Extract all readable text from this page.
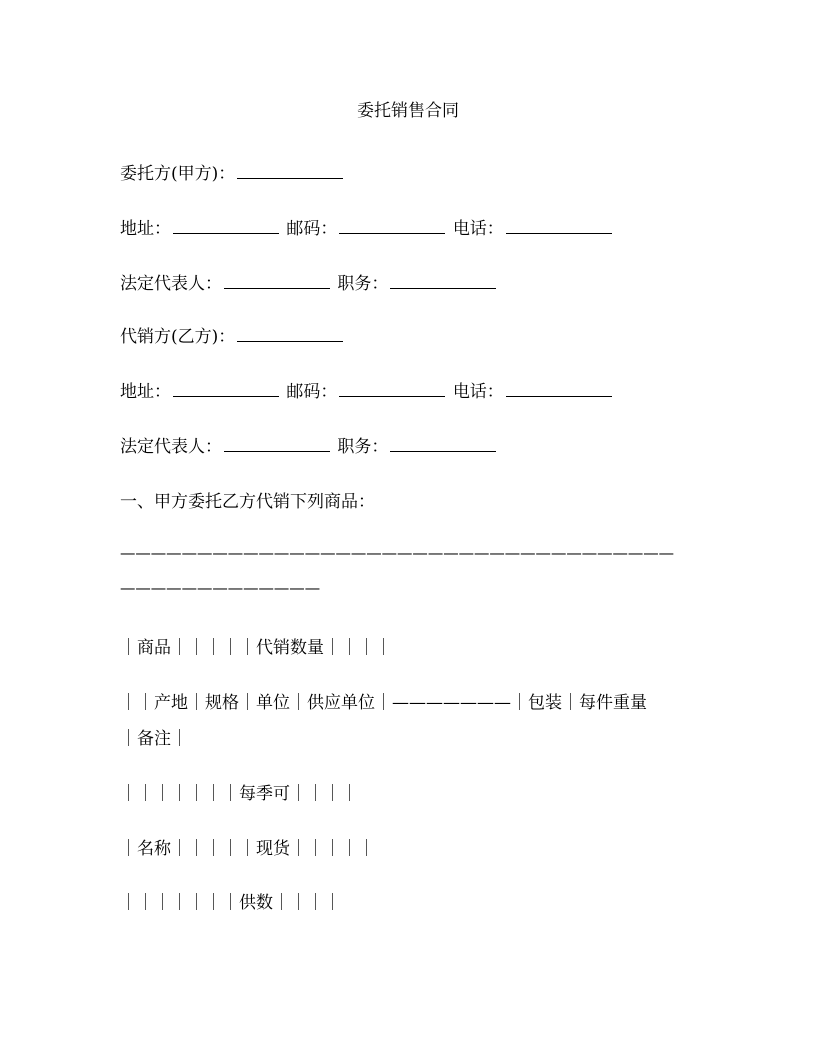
委托销售合同
委托方(甲方)：
地址：	邮码：	电话：
法定代表人：	职务：
代销方(乙方)：
地址：	邮码：	电话：
法定代表人：	职务：
一、甲方委托乙方代销下列商品：
————————————————————————————————————
—————————————
｜商品｜｜｜｜｜代销数量｜｜｜｜
｜｜产地｜规格｜单位｜供应单位｜———————｜包装｜每件重量
｜备注｜
｜｜｜｜｜｜｜每季可｜｜｜｜
｜名称｜｜｜｜｜现货｜｜｜｜｜
｜｜｜｜｜｜｜供数｜｜｜｜
